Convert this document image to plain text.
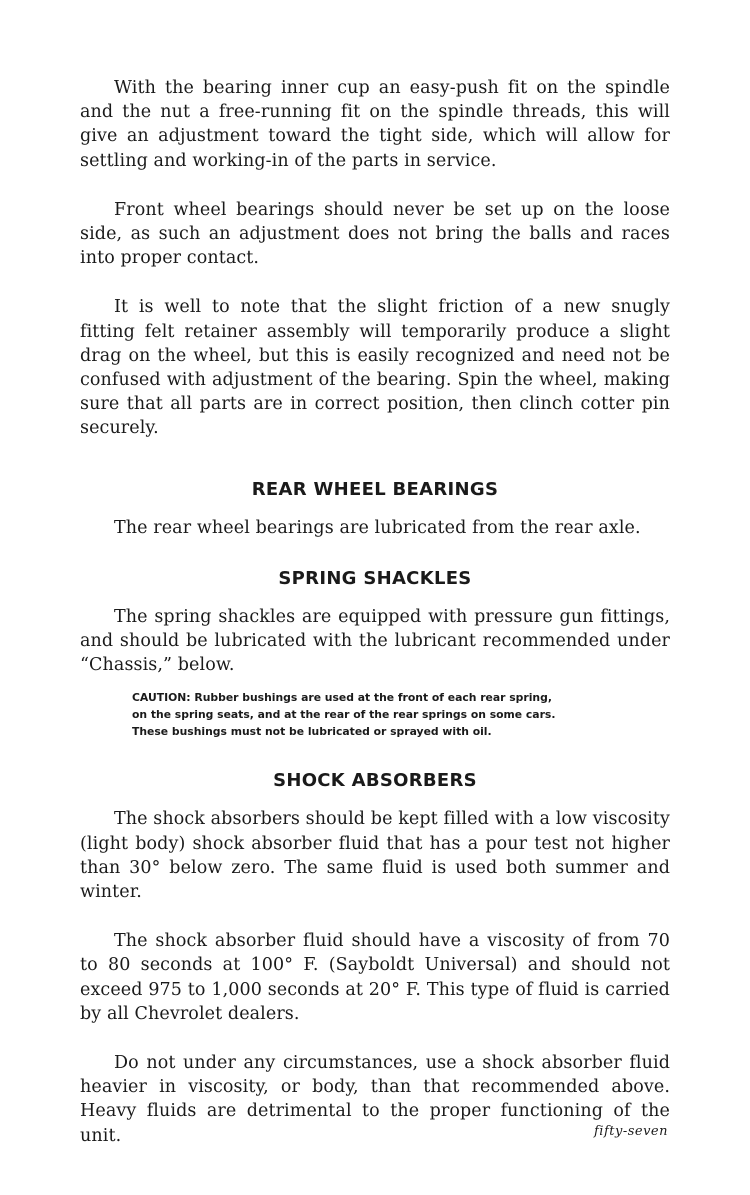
With the bearing inner cup an easy-push fit on the spindle and the nut a free-running fit on the spindle threads, this will give an adjustment toward the tight side, which will allow for settling and working-in of the parts in service.

Front wheel bearings should never be set up on the loose side, as such an adjustment does not bring the balls and races into proper contact.

It is well to note that the slight friction of a new snugly fitting felt retainer assembly will temporarily produce a slight drag on the wheel, but this is easily recognized and need not be confused with adjustment of the bearing. Spin the wheel, making sure that all parts are in correct position, then clinch cotter pin securely.

REAR WHEEL BEARINGS

The rear wheel bearings are lubricated from the rear axle.

SPRING SHACKLES

The spring shackles are equipped with pressure gun fittings, and should be lubricated with the lubricant recommended under “Chassis,” below.

CAUTION: Rubber bushings are used at the front of each rear spring,
on the spring seats, and at the rear of the rear springs on some cars.
These bushings must not be lubricated or sprayed with oil.

SHOCK ABSORBERS

The shock absorbers should be kept filled with a low viscosity (light body) shock absorber fluid that has a pour test not higher than 30° below zero. The same fluid is used both summer and winter.

The shock absorber fluid should have a viscosity of from 70 to 80 seconds at 100° F. (Sayboldt Universal) and should not exceed 975 to 1,000 seconds at 20° F. This type of fluid is carried by all Chevrolet dealers.

Do not under any circumstances, use a shock absorber fluid heavier in viscosity, or body, than that recommended above. Heavy fluids are detrimental to the proper functioning of the unit.	fifty-seven
